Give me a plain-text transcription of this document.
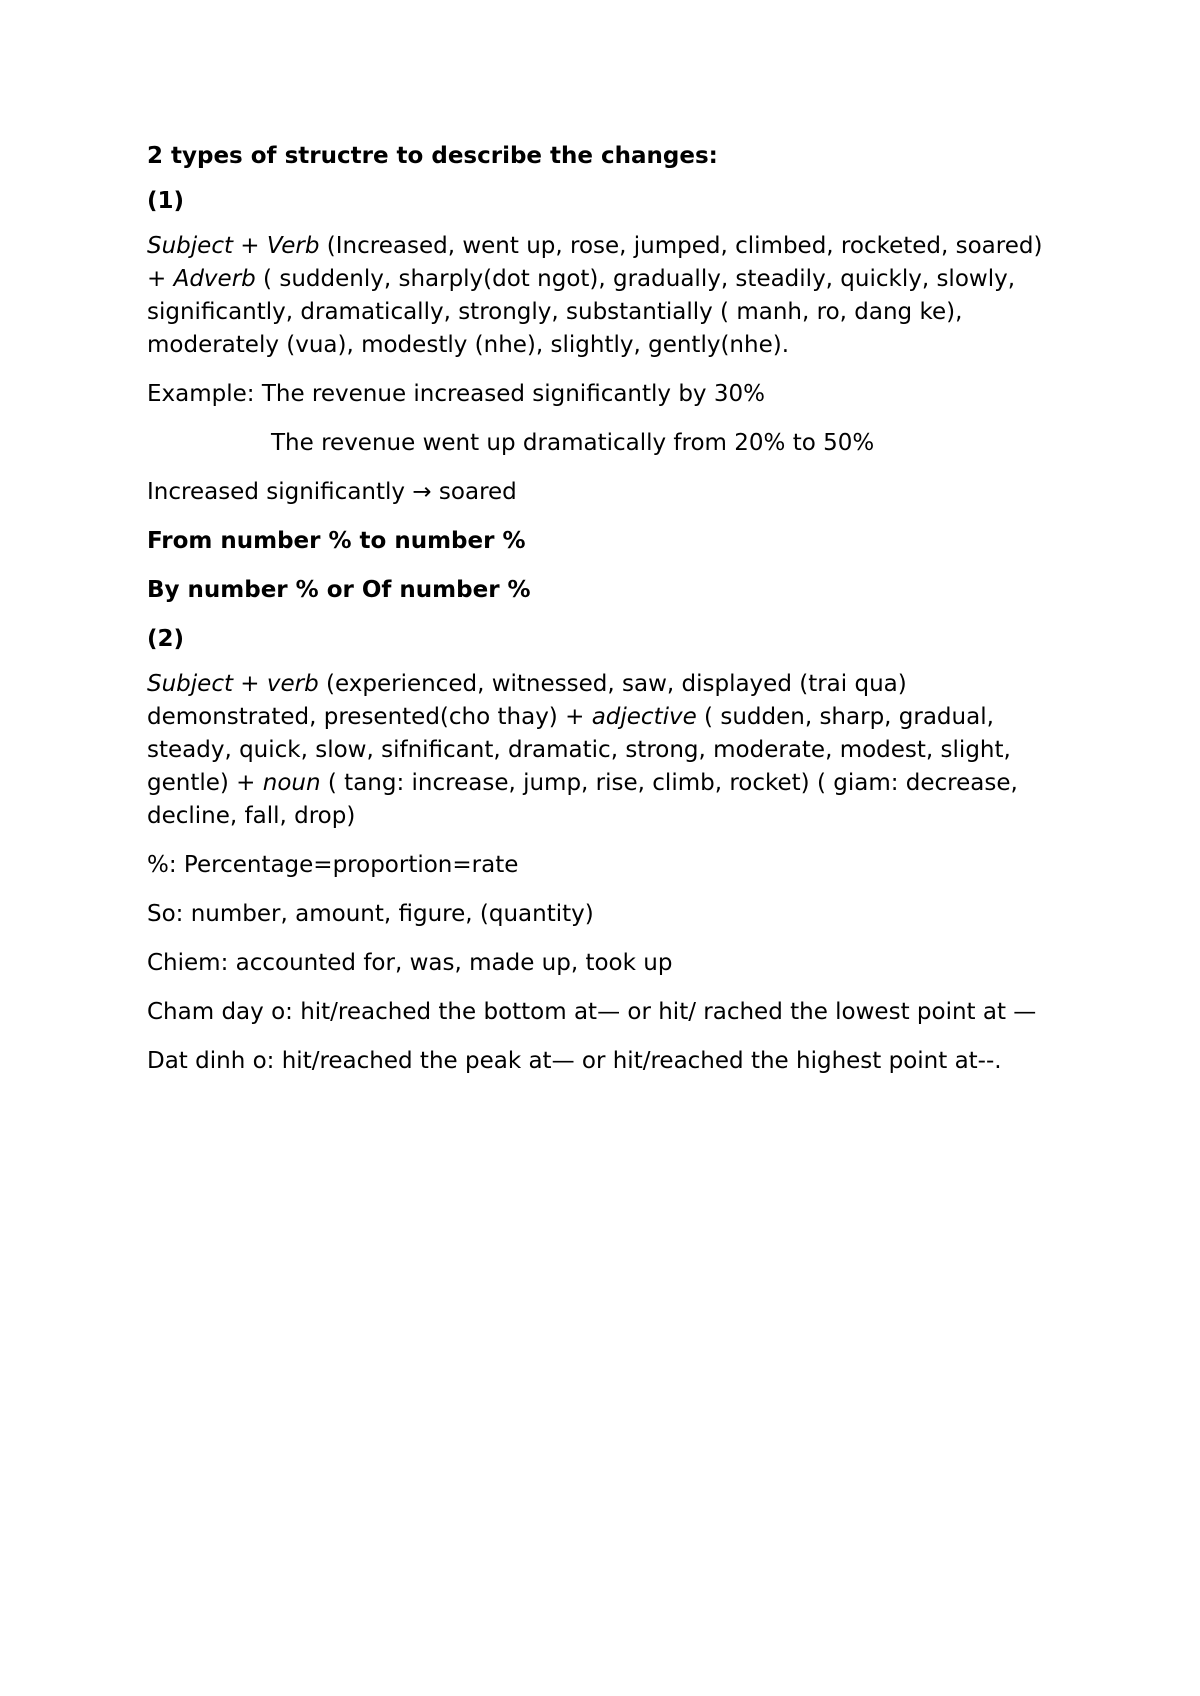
2 types of structre to describe the changes:

(1)

Subject + Verb (Increased, went up, rose, jumped, climbed, rocketed, soared) + Adverb ( suddenly, sharply(dot ngot), gradually, steadily, quickly, slowly, significantly, dramatically, strongly, substantially ( manh, ro, dang ke), moderately (vua), modestly (nhe), slightly, gently(nhe).

Example: The revenue increased significantly by 30%

The revenue went up dramatically from 20% to 50%

Increased significantly → soared

From number % to number %

By number % or Of number %

(2)

Subject + verb (experienced, witnessed, saw, displayed (trai qua) demonstrated, presented(cho thay) + adjective ( sudden, sharp, gradual, steady, quick, slow, sifnificant, dramatic, strong, moderate, modest, slight, gentle) + noun ( tang: increase, jump, rise, climb, rocket) ( giam: decrease, decline, fall, drop)

%: Percentage=proportion=rate

So: number, amount, figure, (quantity)

Chiem: accounted for, was, made up, took up

Cham day o: hit/reached the bottom at— or hit/ rached the lowest point at —

Dat dinh o: hit/reached the peak at— or hit/reached the highest point at--.
